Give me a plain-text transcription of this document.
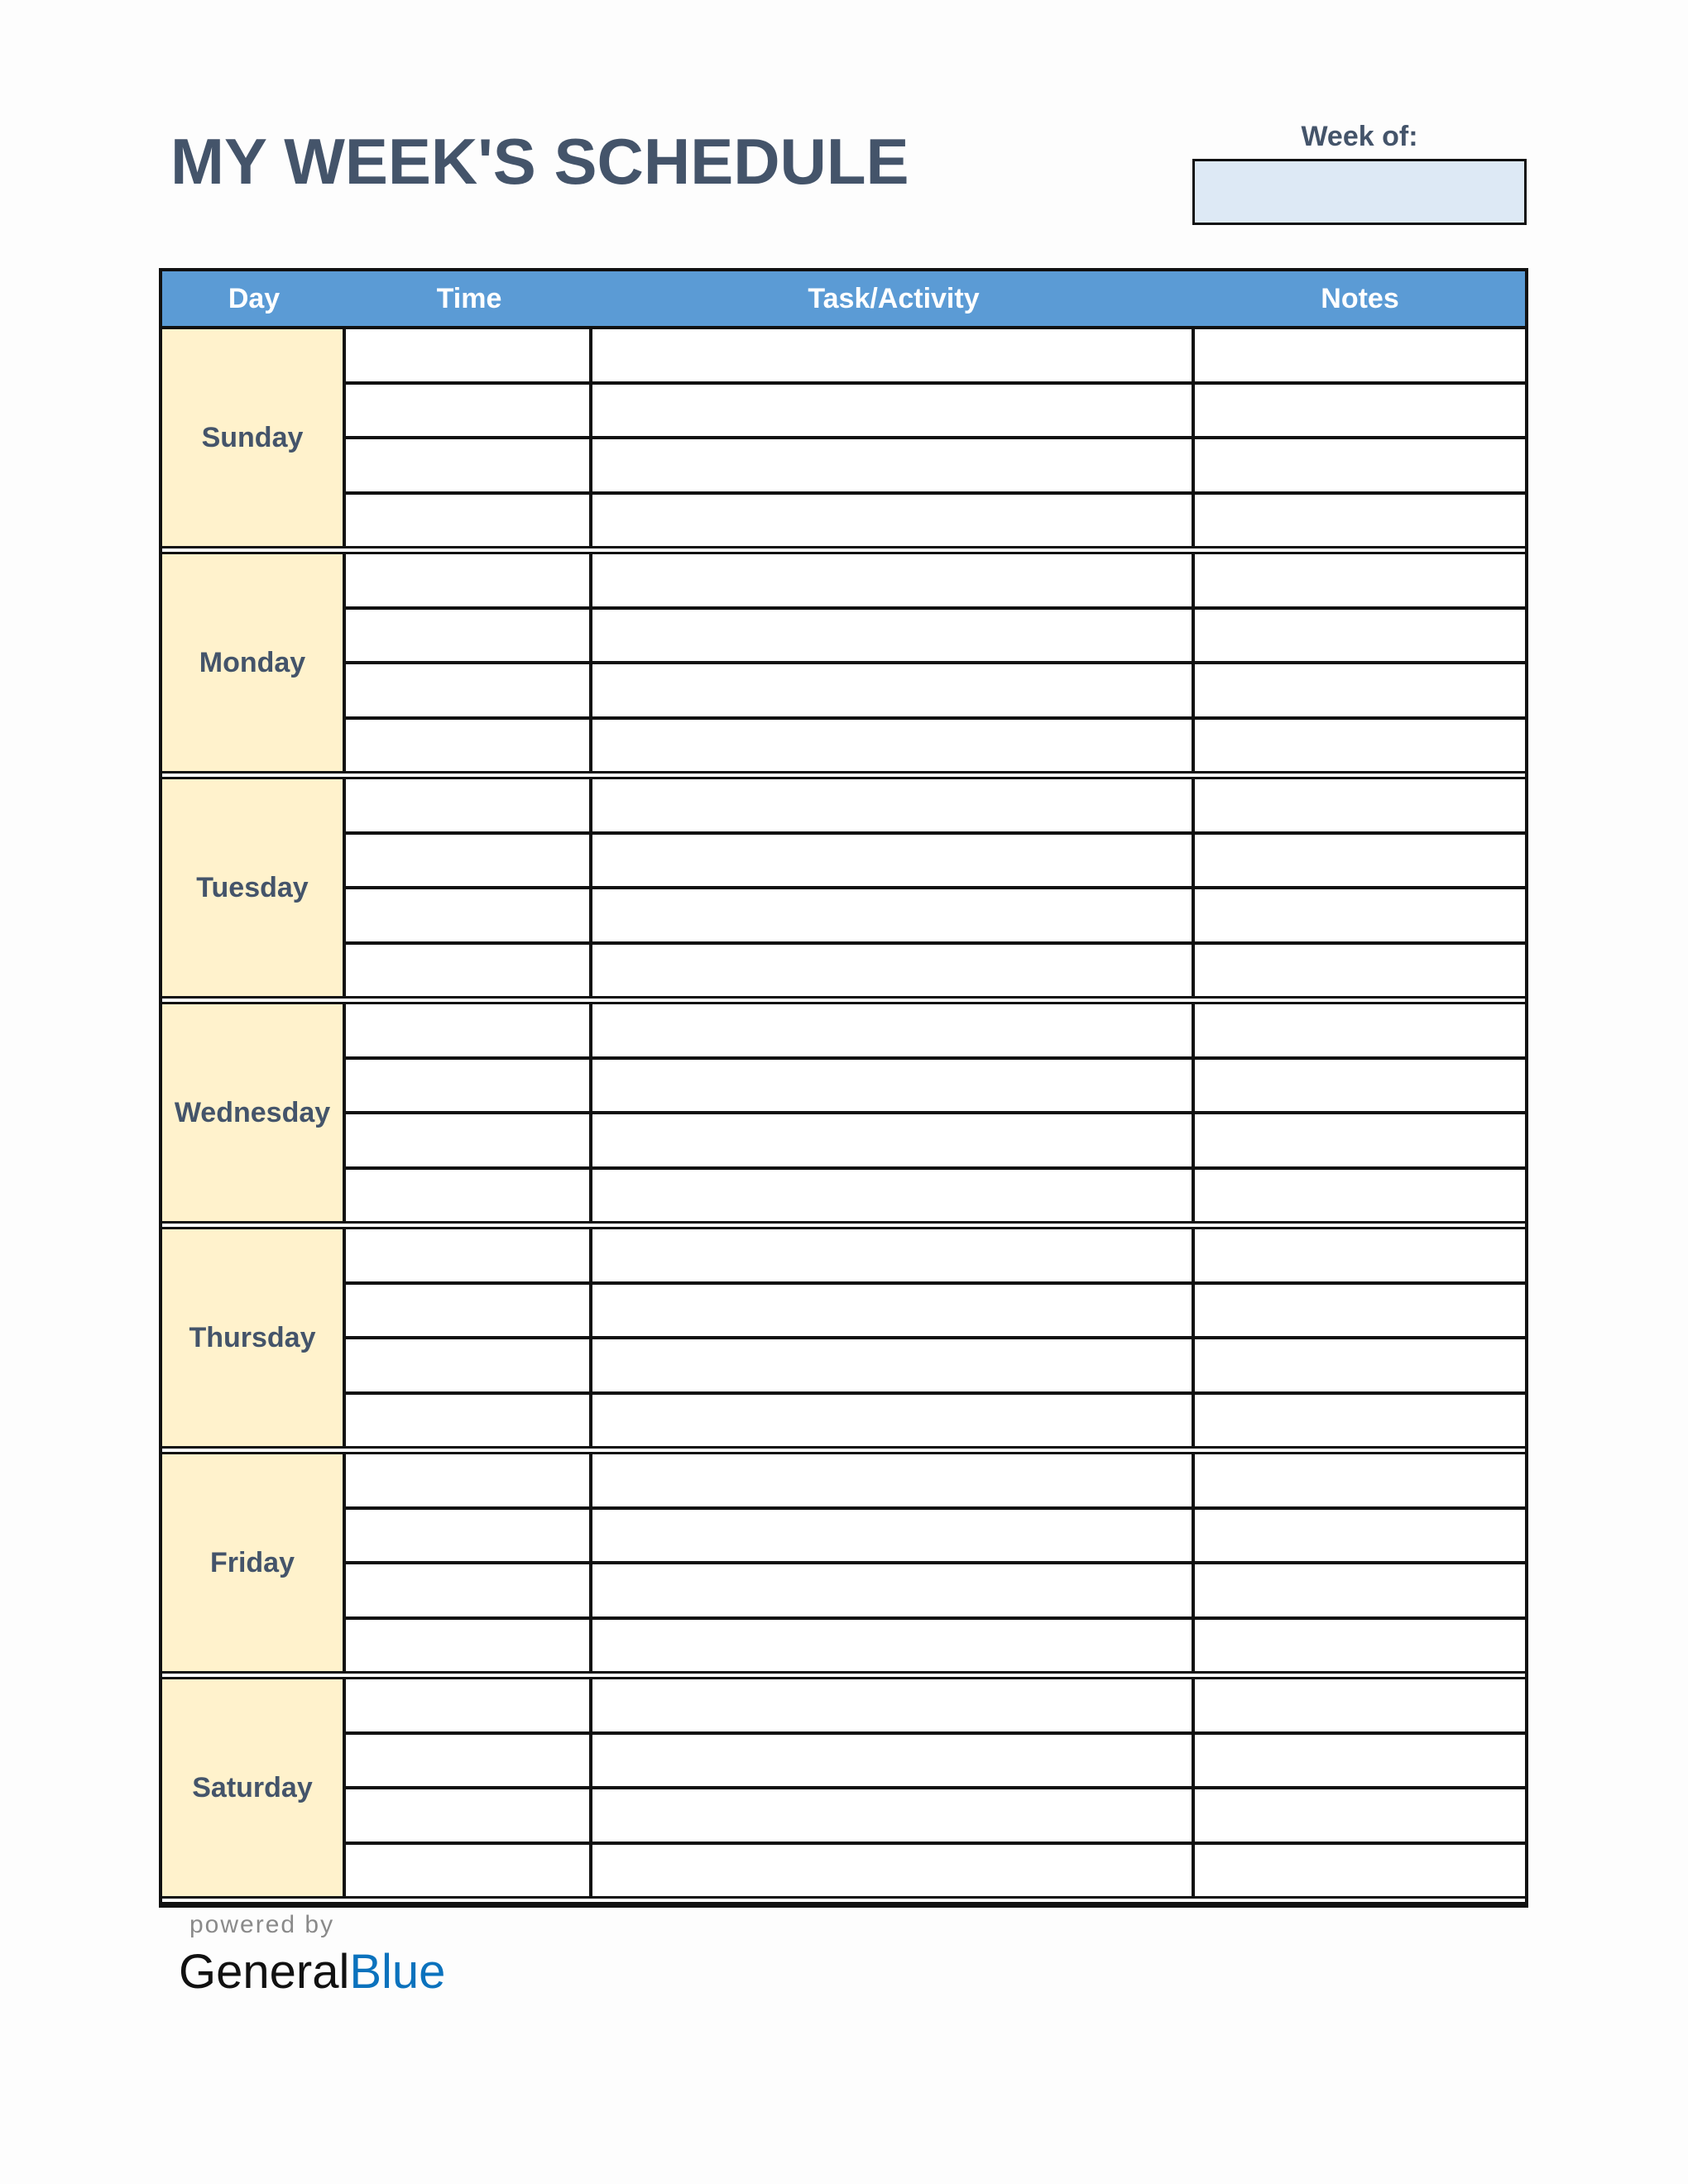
MY WEEK'S SCHEDULE	Week of:
Day	Time	Task/Activity	Notes
Sunday
Monday
Tuesday
Wednesday
Thursday
Friday
Saturday
powered by
GeneralBlue
